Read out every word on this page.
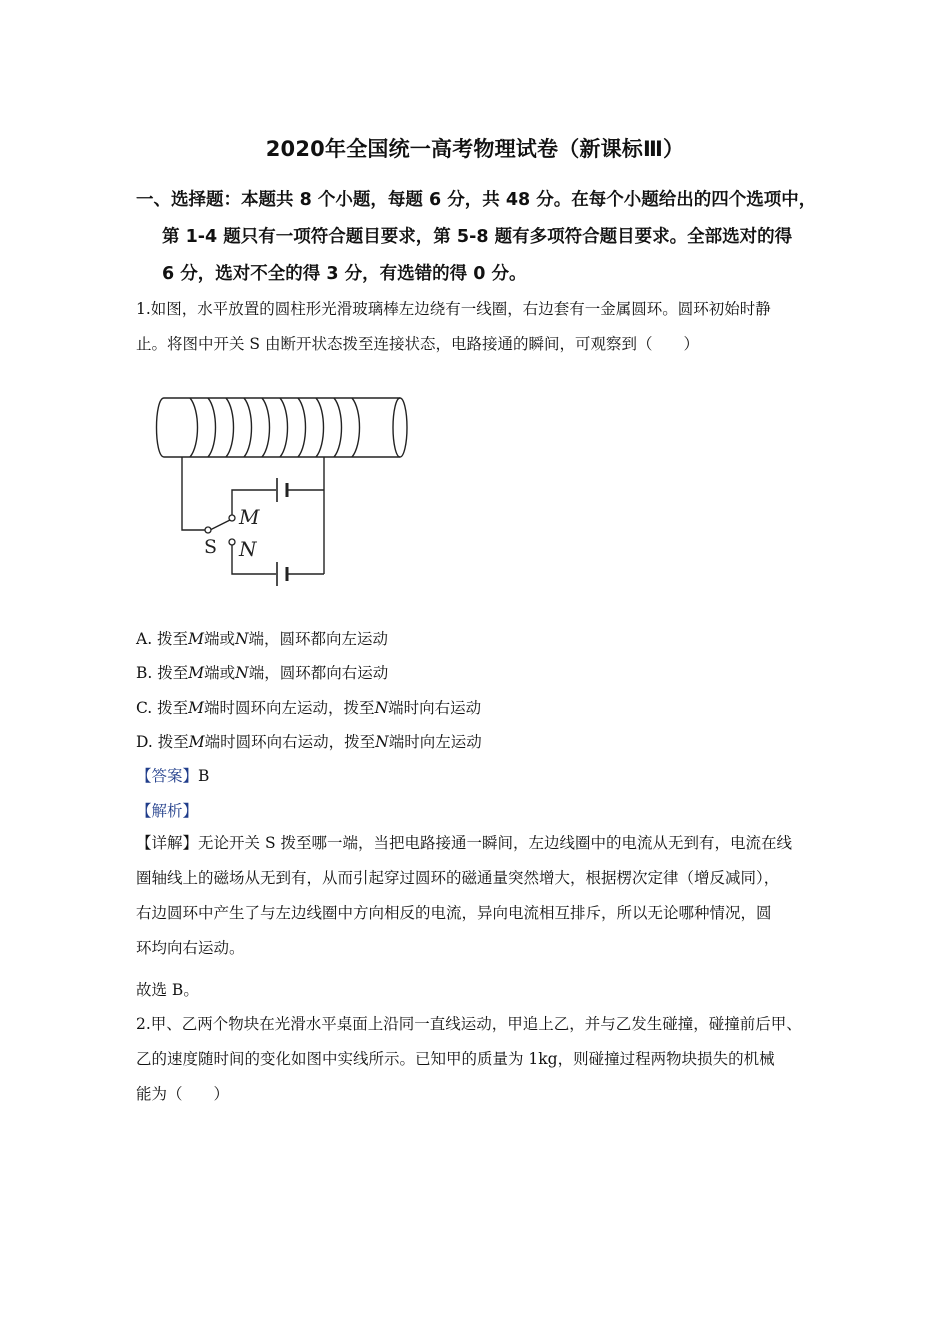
2020年全国统一高考物理试卷（新课标Ⅲ）
一、选择题：本题共 8 个小题，每题 6 分，共 48 分。在每个小题给出的四个选项中，
第 1-4 题只有一项符合题目要求，第 5-8 题有多项符合题目要求。全部选对的得
6 分，选对不全的得 3 分，有选错的得 0 分。
1.如图，水平放置的圆柱形光滑玻璃棒左边绕有一线圈，右边套有一金属圆环。圆环初始时静
止。将图中开关 S 由断开状态拨至连接状态，电路接通的瞬间，可观察到（　　）
M
S N
A. 拨至M端或N端，圆环都向左运动
B. 拨至M端或N端，圆环都向右运动
C. 拨至M端时圆环向左运动，拨至N端时向右运动
D. 拨至M端时圆环向右运动，拨至N端时向左运动
【答案】B
【解析】
【详解】无论开关 S 拨至哪一端，当把电路接通一瞬间，左边线圈中的电流从无到有，电流在线
圈轴线上的磁场从无到有，从而引起穿过圆环的磁通量突然增大，根据楞次定律（增反减同），
右边圆环中产生了与左边线圈中方向相反的电流，异向电流相互排斥，所以无论哪种情况，圆
环均向右运动。
故选 B。
2.甲、乙两个物块在光滑水平桌面上沿同一直线运动，甲追上乙，并与乙发生碰撞，碰撞前后甲、
乙的速度随时间的变化如图中实线所示。已知甲的质量为 1kg，则碰撞过程两物块损失的机械
能为（　　）
